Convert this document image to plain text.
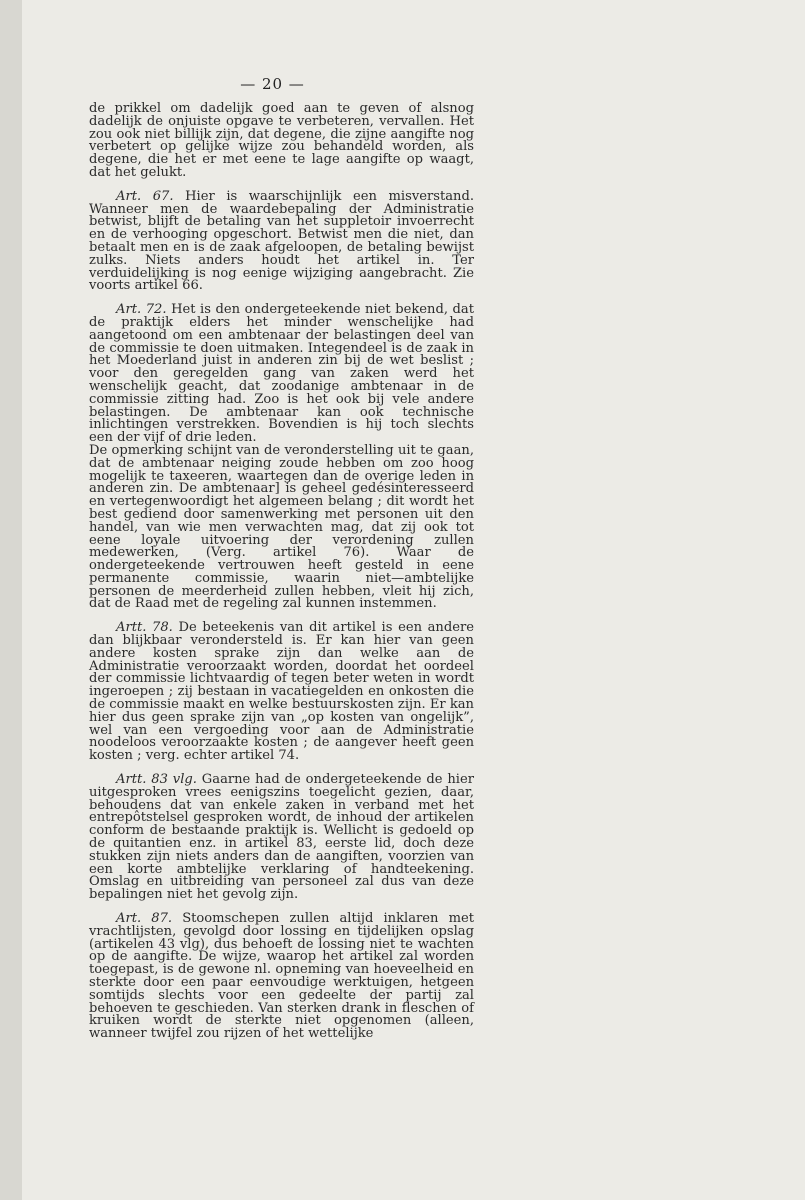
— 20 —

de prikkel om dadelijk goed aan te geven of alsnog dadelijk de onjuiste opgave te verbeteren, vervallen. Het zou ook niet billijk zijn, dat degene, die zijne aangifte nog verbetert op gelijke wijze zou behandeld worden, als degene, die het er met eene te lage aangifte op waagt, dat het gelukt.

Art. 67. Hier is waarschijnlijk een misverstand. Wanneer men de waardebepaling der Administratie betwist, blijft de betaling van het suppletoir invoerrecht en de verhooging opgeschort. Betwist men die niet, dan betaalt men en is de zaak afgeloopen, de betaling bewijst zulks. Niets anders houdt het artikel in. Ter verduidelijking is nog eenige wijziging aangebracht. Zie voorts artikel 66.

Art. 72. Het is den ondergeteekende niet bekend, dat de praktijk elders het minder wenschelijke had aangetoond om een ambtenaar der belastingen deel van de commissie te doen uitmaken. Integendeel is de zaak in het Moederland juist in anderen zin bij de wet beslist ; voor den geregelden gang van zaken werd het wenschelijk geacht, dat zoodanige ambtenaar in de commissie zitting had. Zoo is het ook bij vele andere belastingen. De ambtenaar kan ook technische inlichtingen verstrekken. Bovendien is hij toch slechts een der vijf of drie leden.

De opmerking schijnt van de veronderstelling uit te gaan, dat de ambtenaar neiging zoude hebben om zoo hoog mogelijk te taxeeren, waartegen dan de overige leden in anderen zin. De ambtenaar] is geheel gedésinteresseerd en vertegenwoordigt het algemeen belang ; dit wordt het best gediend door samenwerking met personen uit den handel, van wie men verwachten mag, dat zij ook tot eene loyale uitvoering der verordening zullen medewerken, (Verg. artikel 76). Waar de ondergeteekende vertrouwen heeft gesteld in eene permanente commissie, waarin niet—ambtelijke personen de meerderheid zullen hebben, vleit hij zich, dat de Raad met de regeling zal kunnen instemmen.

Artt. 78. De beteekenis van dit artikel is een andere dan blijkbaar verondersteld is. Er kan hier van geen andere kosten sprake zijn dan welke aan de Administratie veroorzaakt worden, doordat het oordeel der commissie lichtvaardig of tegen beter weten in wordt ingeroepen ; zij bestaan in vacatiegelden en onkosten die de commissie maakt en welke bestuurskosten zijn. Er kan hier dus geen sprake zijn van „op kosten van ongelijk”, wel van een vergoeding voor aan de Administratie noodeloos veroorzaakte kosten ; de aangever heeft geen kosten ; verg. echter artikel 74.

Artt. 83 vlg. Gaarne had de ondergeteekende de hier uitgesproken vrees eenigszins toegelicht gezien, daar, behoudens dat van enkele zaken in verband met het entrepôtstelsel gesproken wordt, de inhoud der artikelen conform de bestaande praktijk is. Wellicht is gedoeld op de quitantien enz. in artikel 83, eerste lid, doch deze stukken zijn niets anders dan de aangiften, voorzien van een korte ambtelijke verklaring of handteekening. Omslag en uitbreiding van personeel zal dus van deze bepalingen niet het gevolg zijn.

Art. 87. Stoomschepen zullen altijd inklaren met vrachtlijsten, gevolgd door lossing en tijdelijken opslag (artikelen 43 vlg), dus behoeft de lossing niet te wachten op de aangifte. De wijze, waarop het artikel zal worden toegepast, is de gewone nl. opneming van hoeveelheid en sterkte door een paar eenvoudige werktuigen, hetgeen somtijds slechts voor een gedeelte der partij zal behoeven te geschieden. Van sterken drank in fleschen of kruiken wordt de sterkte niet opgenomen (alleen, wanneer twijfel zou rijzen of het wettelijke
